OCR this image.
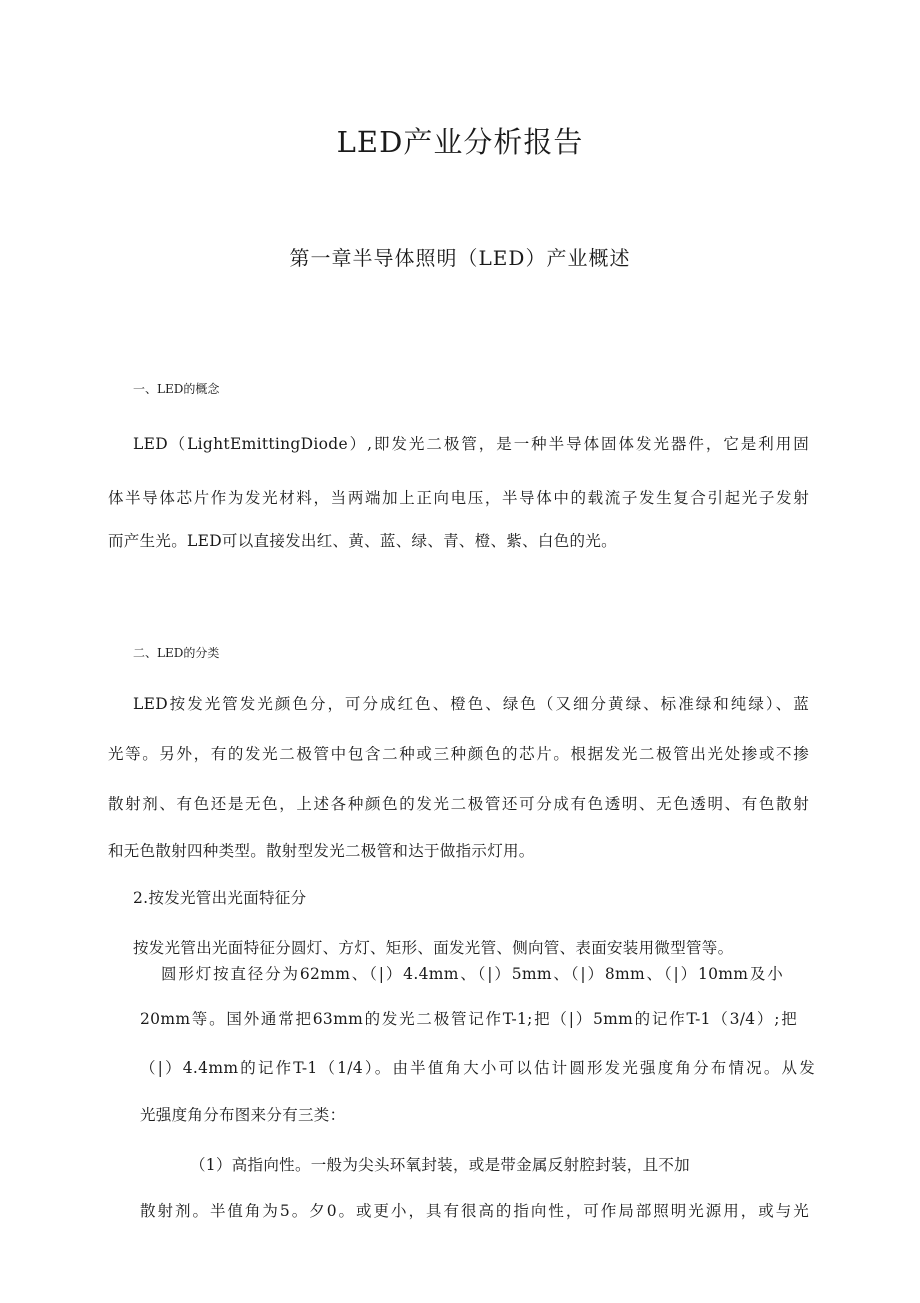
LED产业分析报告
第一章半导体照明（LED）产业概述
一、LED的概念
LED（LightEmittingDiode）,即发光二极管，是一种半导体固体发光器件，它是利用固
体半导体芯片作为发光材料，当两端加上正向电压，半导体中的载流子发生复合引起光子发射
而产生光。LED可以直接发出红、黄、蓝、绿、青、橙、紫、白色的光。
二、LED的分类
LED按发光管发光颜色分，可分成红色、橙色、绿色（又细分黄绿、标准绿和纯绿）、蓝
光等。另外，有的发光二极管中包含二种或三种颜色的芯片。根据发光二极管出光处掺或不掺
散射剂、有色还是无色，上述各种颜色的发光二极管还可分成有色透明、无色透明、有色散射
和无色散射四种类型。散射型发光二极管和达于做指示灯用。
2.按发光管出光面特征分
按发光管出光面特征分圆灯、方灯、矩形、面发光管、侧向管、表面安装用微型管等。
圆形灯按直径分为62mm、（|）4.4mm、（|）5mm、（|）8mm、（|）10mm及小
20mm等。国外通常把63mm的发光二极管记作T-1;把（|）5mm的记作T-1（3/4）;把
（|）4.4mm的记作T-1（1/4）。由半值角大小可以估计圆形发光强度角分布情况。从发
光强度角分布图来分有三类：
（1）高指向性。一般为尖头环氧封装，或是带金属反射腔封装，且不加
散射剂。半值角为5。夕0。或更小，具有很高的指向性，可作局部照明光源用，或与光
